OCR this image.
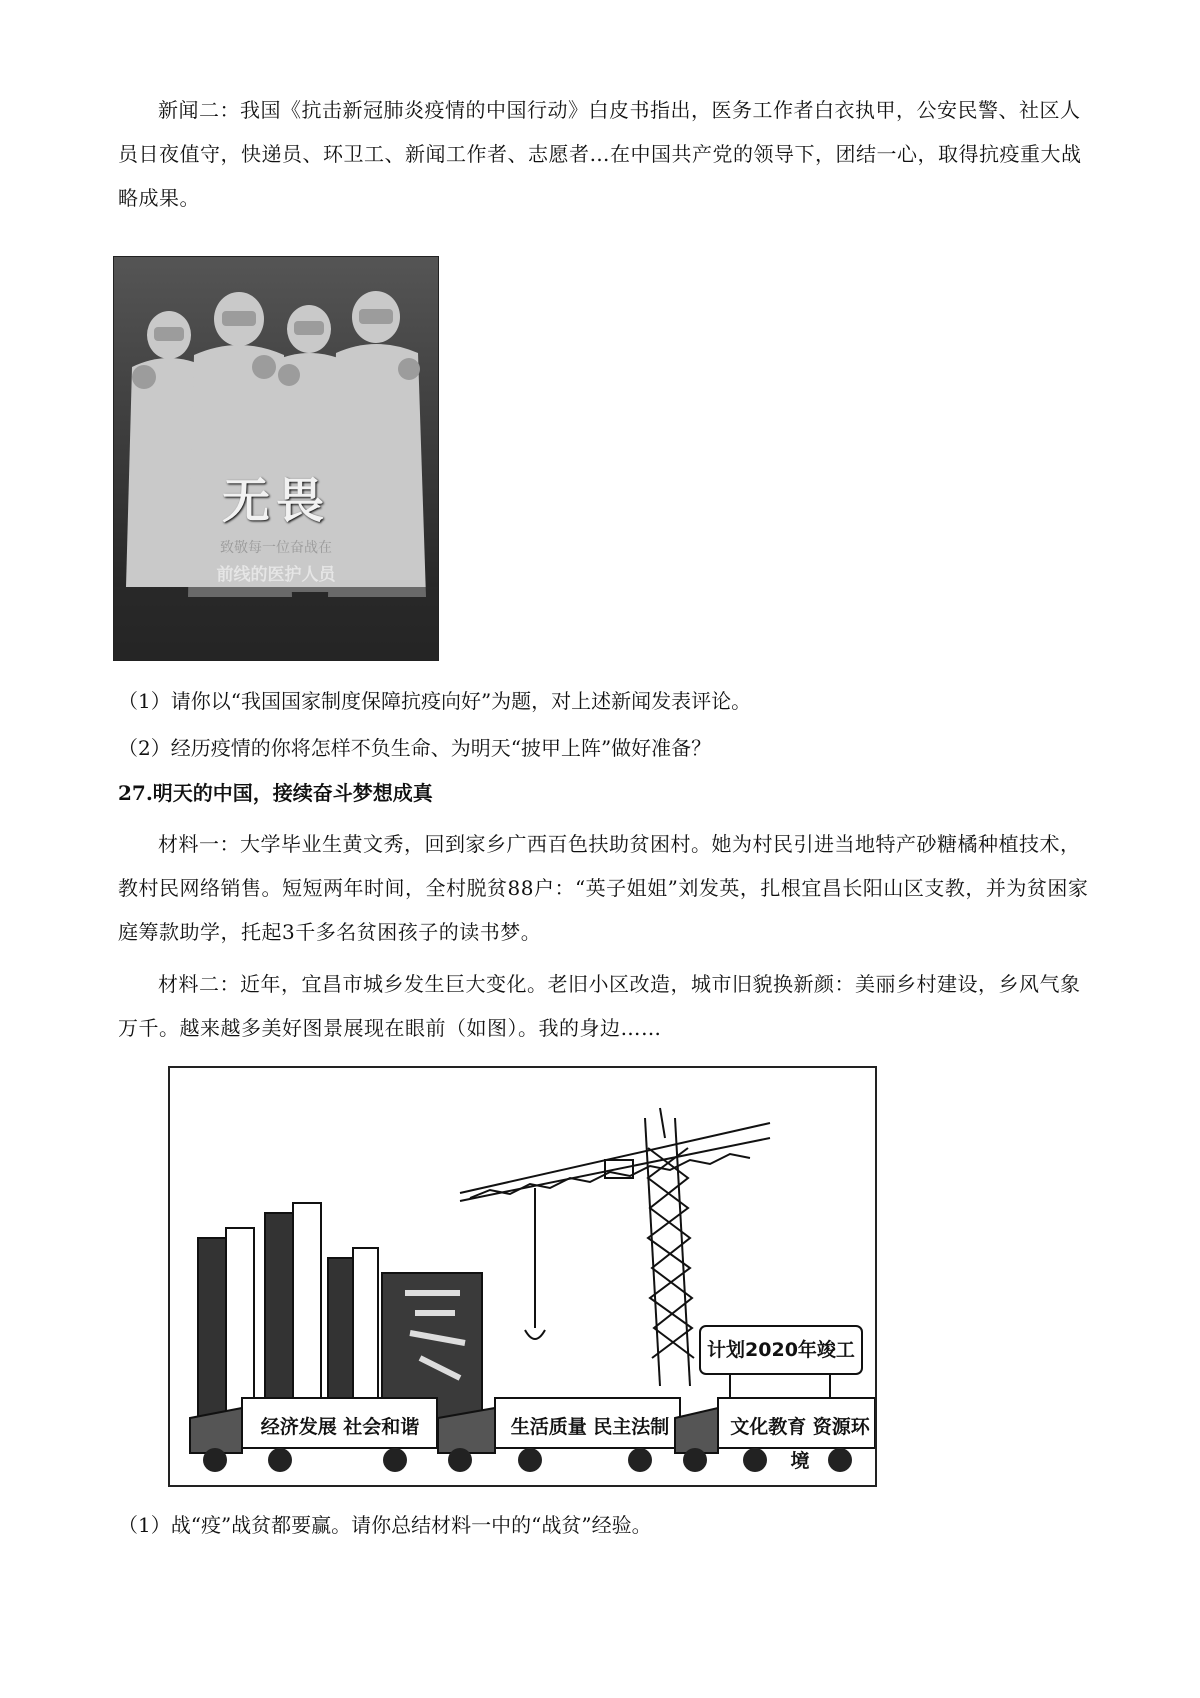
新闻二：我国《抗击新冠肺炎疫情的中国行动》白皮书指出，医务工作者白衣执甲，公安民警、社区人员日夜值守，快递员、环卫工、新闻工作者、志愿者…在中国共产党的领导下，团结一心，取得抗疫重大战略成果。

无畏
致敬每一位奋战在
前线的医护人员

（1）请你以“我国国家制度保障抗疫向好”为题，对上述新闻发表评论。

（2）经历疫情的你将怎样不负生命、为明天“披甲上阵”做好准备？

27.明天的中国，接续奋斗梦想成真

材料一：大学毕业生黄文秀，回到家乡广西百色扶助贫困村。她为村民引进当地特产砂糖橘种植技术，教村民网络销售。短短两年时间，全村脱贫88户：“英子姐姐”刘发英，扎根宜昌长阳山区支教，并为贫困家庭筹款助学，托起3千多名贫困孩子的读书梦。

材料二：近年，宜昌市城乡发生巨大变化。老旧小区改造，城市旧貌换新颜：美丽乡村建设，乡风气象万千。越来越多美好图景展现在眼前（如图）。我的身边……

计划2020年竣工
经济发展 社会和谐	生活质量 民主法制	文化教育 资源环境

（1）战“疫”战贫都要赢。请你总结材料一中的“战贫”经验。
